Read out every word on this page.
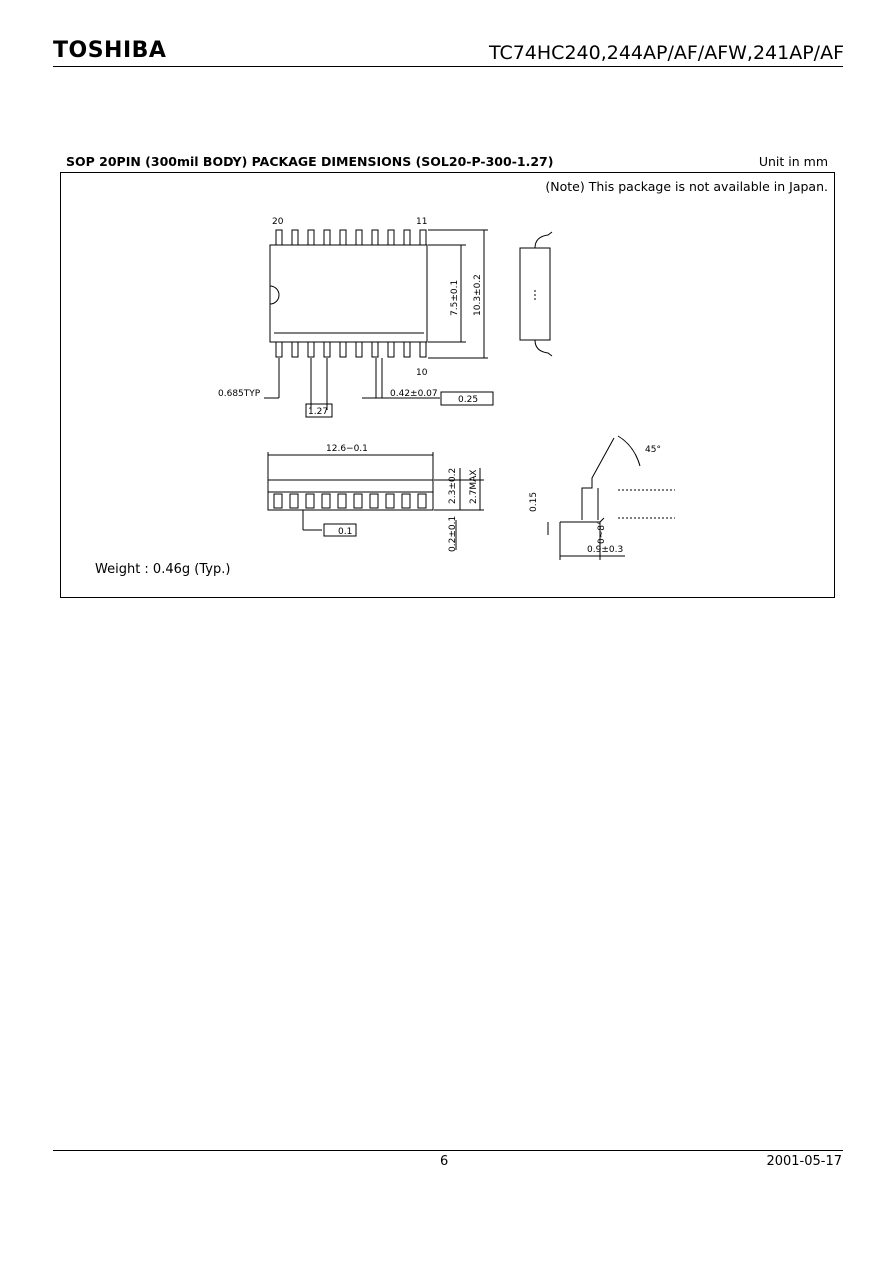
TOSHIBA	TC74HC240,244AP/AF/AFW,241AP/AF
SOP 20PIN (300mil BODY) PACKAGE DIMENSIONS (SOL20-P-300-1.27)	Unit in mm
(Note) This package is not available in Japan.
20	11
10
7.5±0.1 10.3±0.2
0.685TYP	0.42±0.07
0.25
1.27
12.6−0.1
2.3±0.2 2.7MAX
0.2±0.1
0.1
0.15
0~8°
0.9±0.3
45°
Weight : 0.46g (Typ.)
6	2001-05-17
